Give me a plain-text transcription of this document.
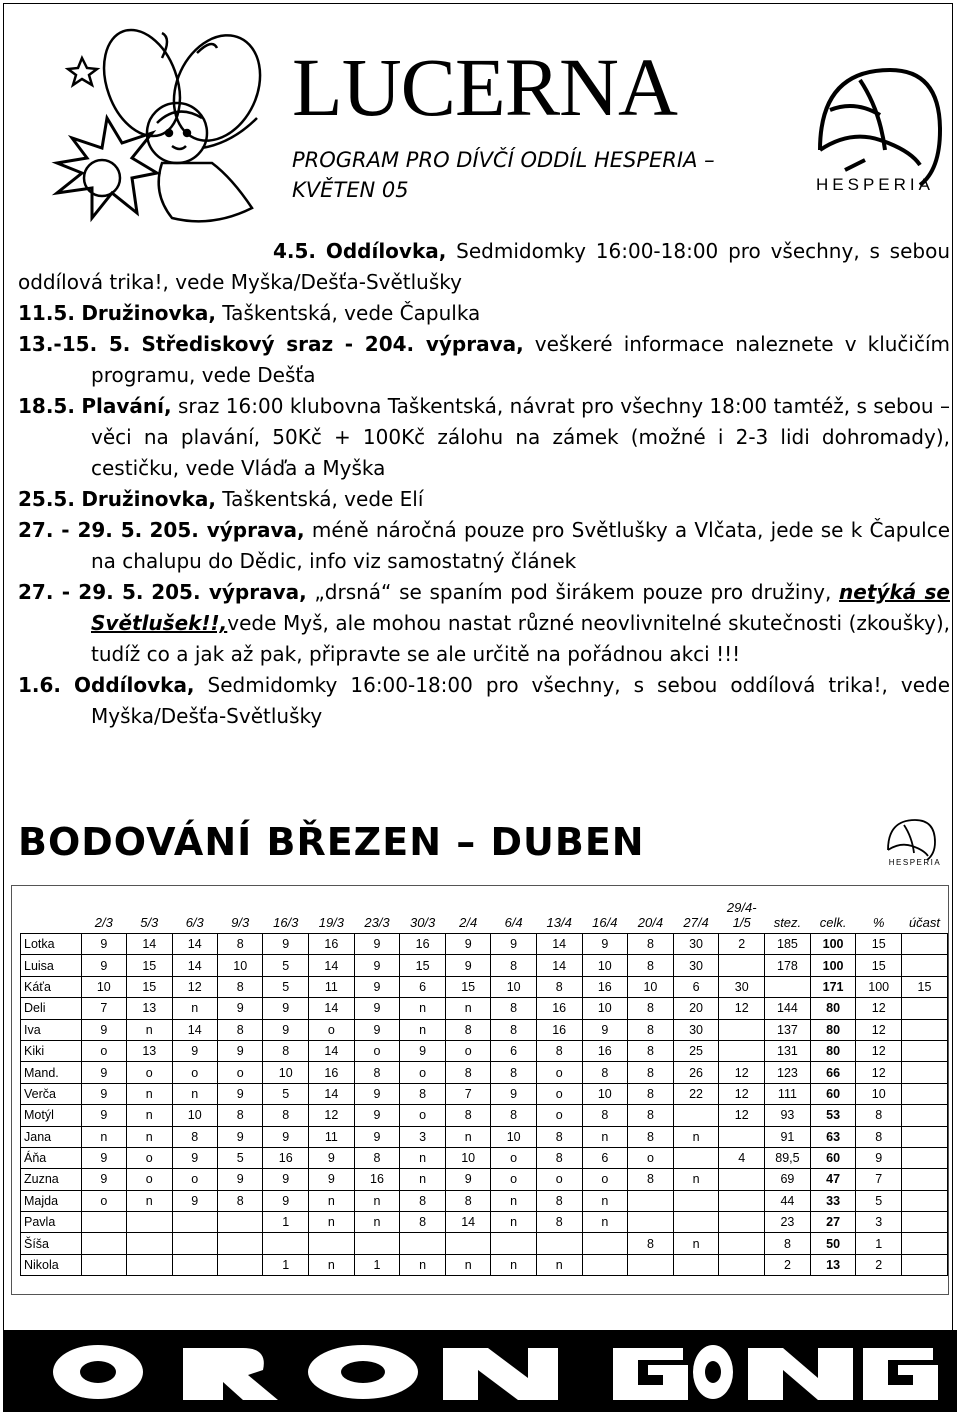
LUCERNA
PROGRAM PRO DÍVČÍ ODDÍL HESPERIA –
KVĚTEN 05	HESPERIA
4.5. Oddílovka, Sedmidomky 16:00-18:00 pro všechny, s sebou oddílová trika!, vede Myška/Dešťa-Světlušky
11.5. Družinovka, Taškentská, vede Čapulka
13.-15. 5. Střediskový sraz - 204. výprava, veškeré informace naleznete v klučičím programu, vede Dešťa
18.5. Plavání, sraz 16:00 klubovna Taškentská, návrat pro všechny 18:00 tamtéž, s sebou – věci na plavání, 50Kč + 100Kč zálohu na zámek (možné i 2-3 lidi dohromady), cestičku, vede Vláďa a Myška
25.5. Družinovka, Taškentská, vede Elí
27. - 29. 5. 205. výprava, méně náročná pouze pro Světlušky a Vlčata, jede se k Čapulce na chalupu do Dědic, info viz samostatný článek
27. - 29. 5. 205. výprava, „drsná“ se spaním pod širákem pouze pro družiny, netýká se Světlušek!!,vede Myš, ale mohou nastat různé neovlivnitelné skutečnosti (zkoušky), tudíž co a jak až pak, připravte se ale určitě na pořádnou akci !!!
1.6. Oddílovka, Sedmidomky 16:00-18:00 pro všechny, s sebou oddílová trika!, vede Myška/Dešťa-Světlušky
BODOVÁNÍ BŘEZEN – DUBEN	HESPERIA
	2/3	5/3	6/3	9/3	16/3	19/3	23/3	30/3	2/4	6/4	13/4	16/4	20/4	27/4	29/4-1/5	stez.	celk.	%	účast
Lotka	9	14	14	8	9	16	9	16	9	9	14	9	8	30	2	185	100	15	
Luisa	9	15	14	10	5	14	9	15	9	8	14	10	8	30		178	100	15	
Káťa	10	15	12	8	5	11	9	6	15	10	8	16	10	6	30		171	100	15
Deli	7	13	n	9	9	14	9	n	n	8	16	10	8	20	12	144	80	12	
Iva	9	n	14	8	9	o	9	n	8	8	16	9	8	30		137	80	12	
Kiki	o	13	9	9	8	14	o	9	o	6	8	16	8	25		131	80	12	
Mand.	9	o	o	o	10	16	8	o	8	8	o	8	8	26	12	123	66	12	
Verča	9	n	n	9	5	14	9	8	7	9	o	10	8	22	12	111	60	10	
Motýl	9	n	10	8	8	12	9	o	8	8	o	8	8		12	93	53	8	
Jana	n	n	8	9	9	11	9	3	n	10	8	n	8	n		91	63	8	
Áňa	9	o	9	5	16	9	8	n	10	o	8	6	o		4	89,5	60	9	
Zuzna	9	o	o	9	9	9	16	n	9	o	o	o	8	n		69	47	7	
Majda	o	n	9	8	9	n	n	8	8	n	8	n				44	33	5	
Pavla					1	n	n	8	14	n	8	n				23	27	3	
Šíša													8	n		8	50	1	
Nikola					1	n	1	n	n	n	n					2	13	2	
